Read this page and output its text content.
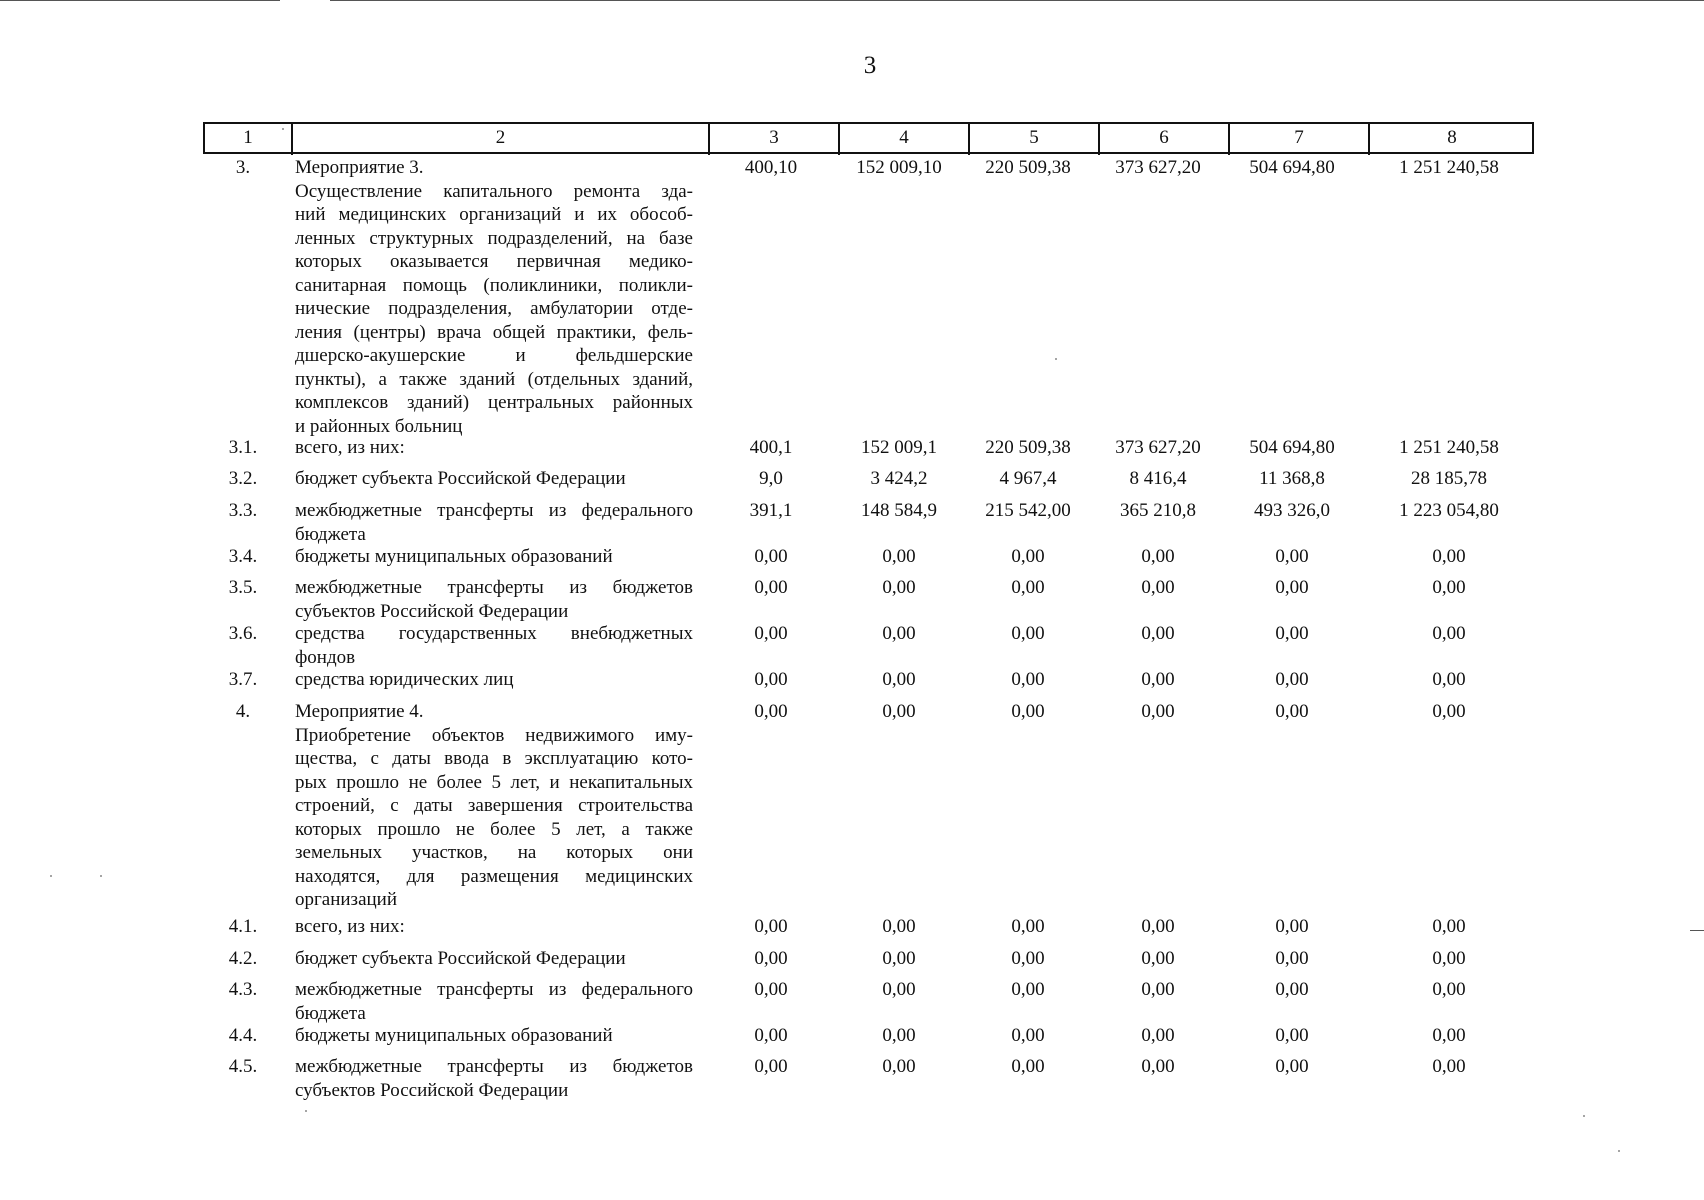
3
1	2	3	4	5	6	7	8
3.	Мероприятие 3.
Осуществление капитального ремонта зда-
ний медицинских организаций и их обособ-
ленных структурных подразделений, на базе
которых оказывается первичная медико-
санитарная помощь (поликлиники, поликли-
нические подразделения, амбулатории отде-
ления (центры) врача общей практики, фель-
дшерско-акушерские и фельдшерские
пункты), а также зданий (отдельных зданий,
комплексов зданий) центральных районных
и районных больниц
400,10	152 009,10	220 509,38	373 627,20	504 694,80	1 251 240,58
3.1.	всего, из них:	400,1	152 009,1	220 509,38	373 627,20	504 694,80	1 251 240,58
3.2.	бюджет субъекта Российской Федерации	9,0	3 424,2	4 967,4	8 416,4	11 368,8	28 185,78
3.3.	межбюджетные трансферты из федерального
бюджета
391,1	148 584,9	215 542,00	365 210,8	493 326,0	1 223 054,80
3.4.	бюджеты муниципальных образований	0,00	0,00	0,00	0,00	0,00	0,00
3.5.	межбюджетные трансферты из бюджетов
субъектов Российской Федерации
0,00	0,00	0,00	0,00	0,00	0,00
3.6.	средства государственных внебюджетных
фондов
0,00	0,00	0,00	0,00	0,00	0,00
3.7.	средства юридических лиц	0,00	0,00	0,00	0,00	0,00	0,00
4.	Мероприятие 4.
Приобретение объектов недвижимого иму-
щества, с даты ввода в эксплуатацию кото-
рых прошло не более 5 лет, и некапитальных
строений, с даты завершения строительства
которых прошло не более 5 лет, а также
земельных участков, на которых они
находятся, для размещения медицинских
организаций
0,00	0,00	0,00	0,00	0,00	0,00
4.1.	всего, из них:	0,00	0,00	0,00	0,00	0,00	0,00
4.2.	бюджет субъекта Российской Федерации	0,00	0,00	0,00	0,00	0,00	0,00
4.3.	межбюджетные трансферты из федерального
бюджета
0,00	0,00	0,00	0,00	0,00	0,00
4.4.	бюджеты муниципальных образований	0,00	0,00	0,00	0,00	0,00	0,00
4.5.	межбюджетные трансферты из бюджетов
субъектов Российской Федерации
0,00	0,00	0,00	0,00	0,00	0,00
